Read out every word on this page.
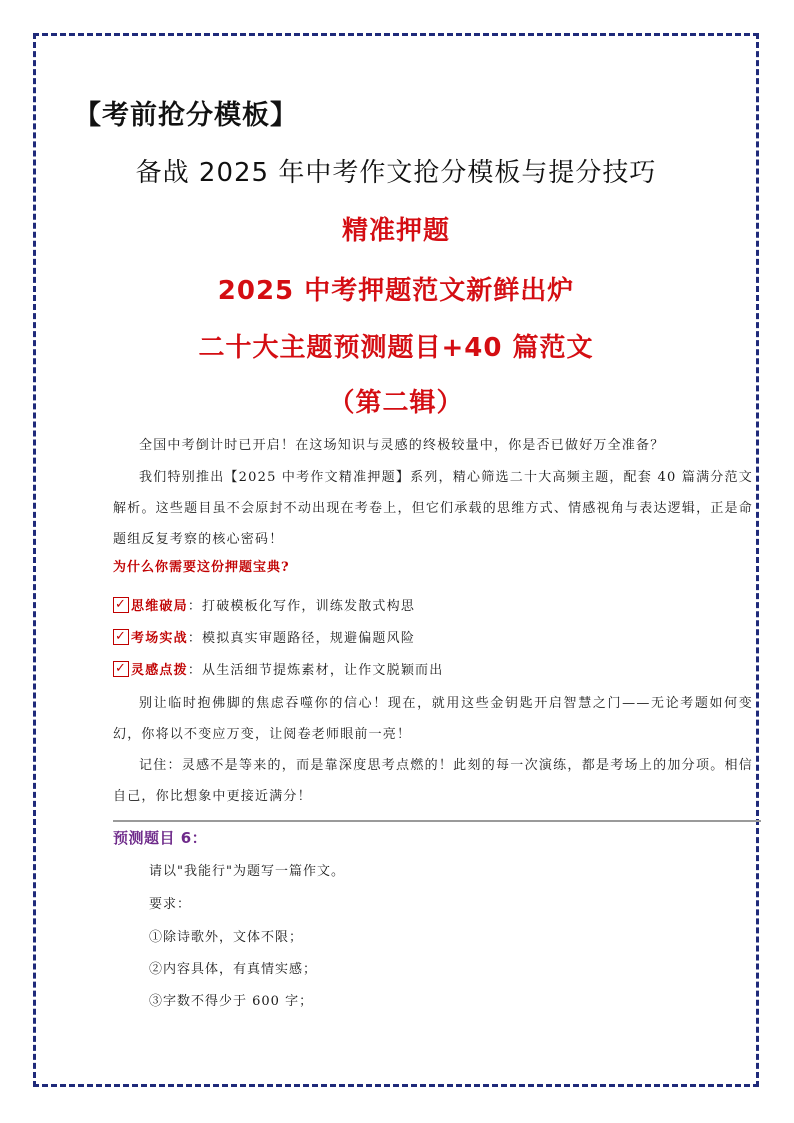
【考前抢分模板】
备战 2025 年中考作文抢分模板与提分技巧
精准押题
2025 中考押题范文新鲜出炉
二十大主题预测题目+40 篇范文
（第二辑）
全国中考倒计时已开启！在这场知识与灵感的终极较量中，你是否已做好万全准备？
我们特别推出【2025 中考作文精准押题】系列，精心筛选二十大高频主题，配套 40 篇满分范文解析。这些题目虽不会原封不动出现在考卷上，但它们承载的思维方式、情感视角与表达逻辑，正是命题组反复考察的核心密码！
为什么你需要这份押题宝典?
✓ 思维破局 ：打破模板化写作，训练发散式构思
✓ 考场实战 ：模拟真实审题路径，规避偏题风险
✓ 灵感点拨 ：从生活细节提炼素材，让作文脱颖而出
别让临时抱佛脚的焦虑吞噬你的信心！现在，就用这些金钥匙开启智慧之门——无论考题如何变幻，你将以不变应万变，让阅卷老师眼前一亮！
记住：灵感不是等来的，而是靠深度思考点燃的！此刻的每一次演练，都是考场上的加分项。相信自己，你比想象中更接近满分！
预测题目 6：
请以"我能行"为题写一篇作文。
要求：
①除诗歌外，文体不限；
②内容具体，有真情实感；
③字数不得少于 600 字；
